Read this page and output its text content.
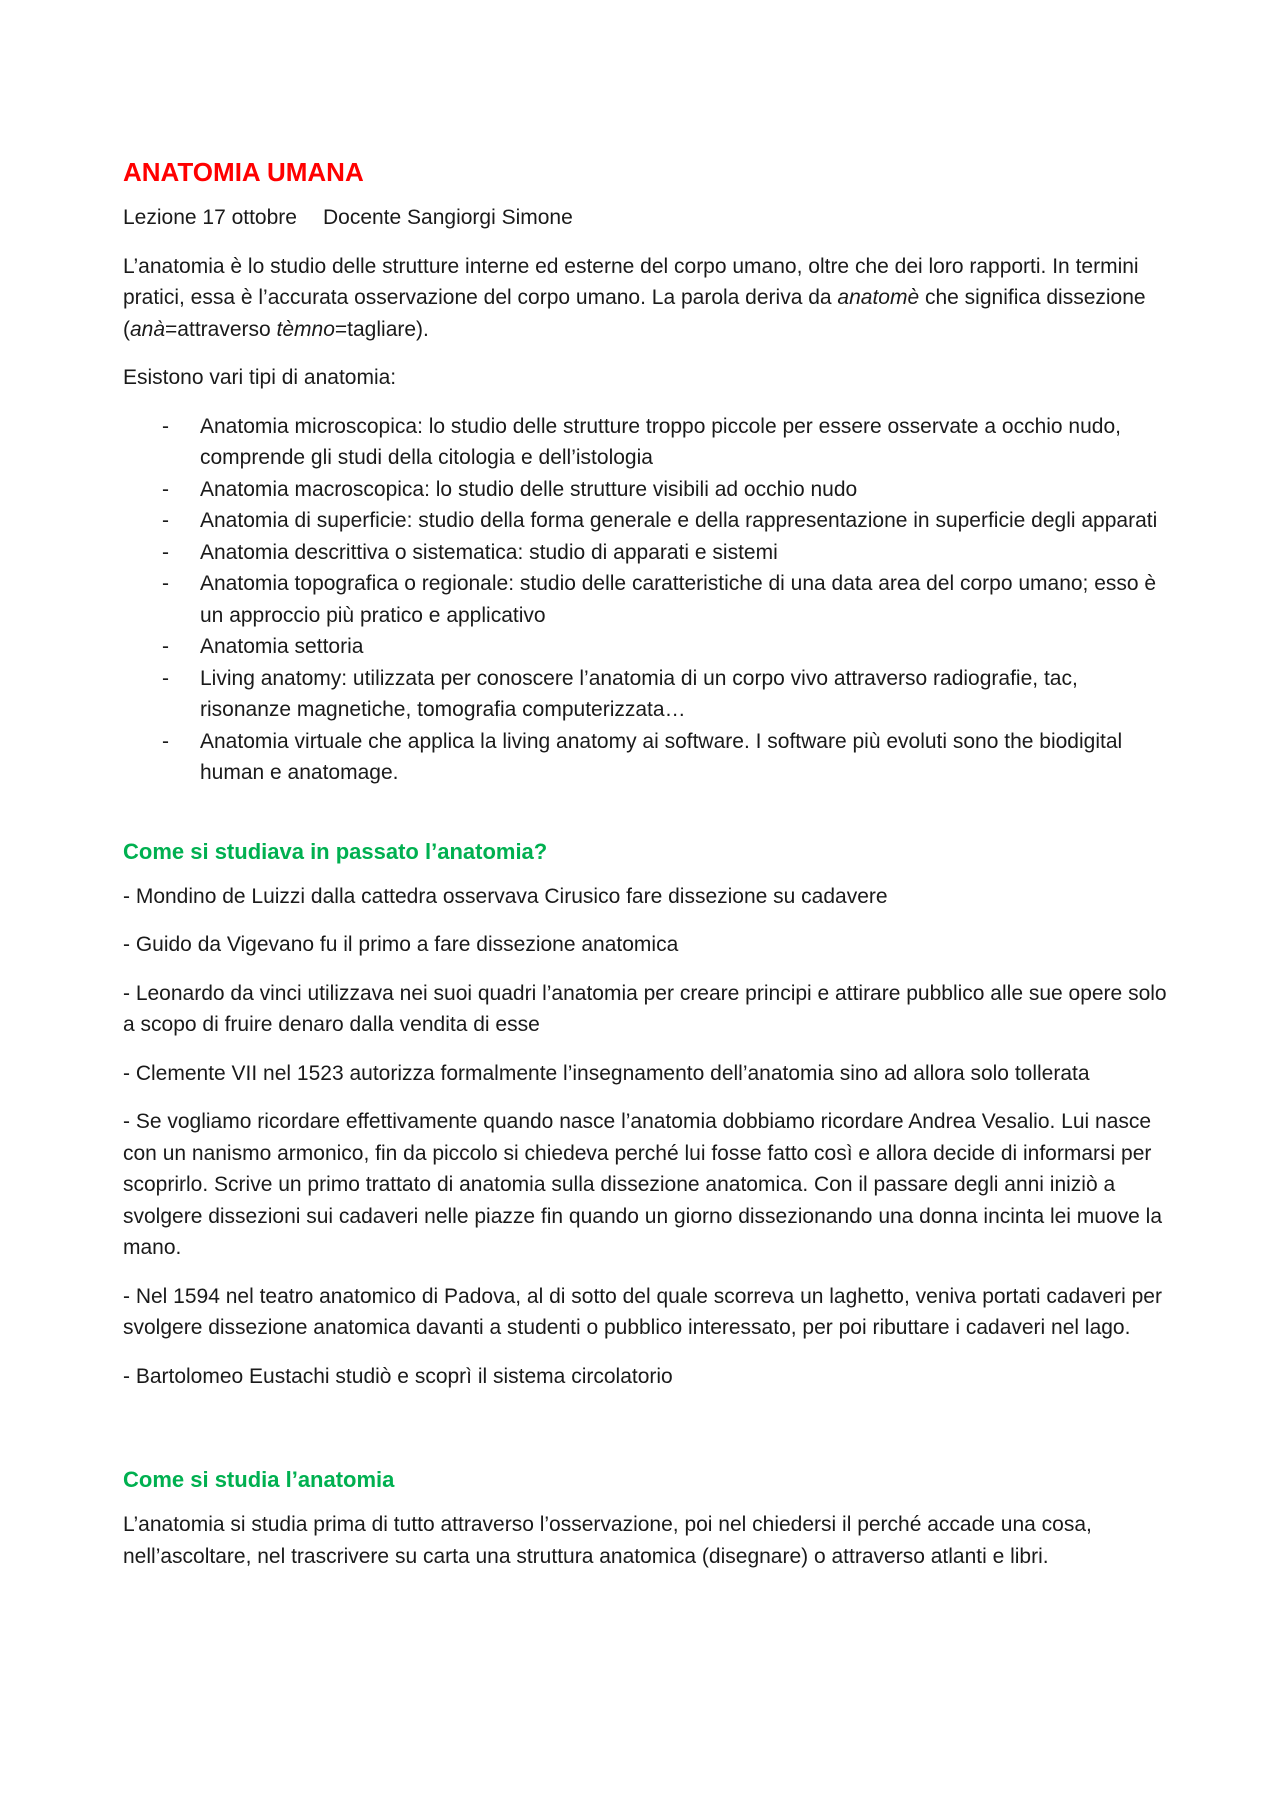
ANATOMIA UMANA

Lezione 17 ottobre Docente Sangiorgi Simone

L’anatomia è lo studio delle strutture interne ed esterne del corpo umano, oltre che dei loro rapporti. In termini pratici, essa è l’accurata osservazione del corpo umano. La parola deriva da anatomè che significa dissezione (anà=attraverso tèmno=tagliare).

Esistono vari tipi di anatomia:

- Anatomia microscopica: lo studio delle strutture troppo piccole per essere osservate a occhio nudo, comprende gli studi della citologia e dell’istologia
- Anatomia macroscopica: lo studio delle strutture visibili ad occhio nudo
- Anatomia di superficie: studio della forma generale e della rappresentazione in superficie degli apparati
- Anatomia descrittiva o sistematica: studio di apparati e sistemi
- Anatomia topografica o regionale: studio delle caratteristiche di una data area del corpo umano; esso è un approccio più pratico e applicativo
- Anatomia settoria
- Living anatomy: utilizzata per conoscere l’anatomia di un corpo vivo attraverso radiografie, tac, risonanze magnetiche, tomografia computerizzata…
- Anatomia virtuale che applica la living anatomy ai software. I software più evoluti sono the biodigital human e anatomage.
Come si studiava in passato l’anatomia?

- Mondino de Luizzi dalla cattedra osservava Cirusico fare dissezione su cadavere

- Guido da Vigevano fu il primo a fare dissezione anatomica

- Leonardo da vinci utilizzava nei suoi quadri l’anatomia per creare principi e attirare pubblico alle sue opere solo a scopo di fruire denaro dalla vendita di esse

- Clemente VII nel 1523 autorizza formalmente l’insegnamento dell’anatomia sino ad allora solo tollerata

- Se vogliamo ricordare effettivamente quando nasce l’anatomia dobbiamo ricordare Andrea Vesalio. Lui nasce con un nanismo armonico, fin da piccolo si chiedeva perché lui fosse fatto così e allora decide di informarsi per scoprirlo. Scrive un primo trattato di anatomia sulla dissezione anatomica. Con il passare degli anni iniziò a svolgere dissezioni sui cadaveri nelle piazze fin quando un giorno dissezionando una donna incinta lei muove la mano.

- Nel 1594 nel teatro anatomico di Padova, al di sotto del quale scorreva un laghetto, veniva portati cadaveri per svolgere dissezione anatomica davanti a studenti o pubblico interessato, per poi ributtare i cadaveri nel lago.

- Bartolomeo Eustachi studiò e scoprì il sistema circolatorio

Come si studia l’anatomia

L’anatomia si studia prima di tutto attraverso l’osservazione, poi nel chiedersi il perché accade una cosa, nell’ascoltare, nel trascrivere su carta una struttura anatomica (disegnare) o attraverso atlanti e libri.
